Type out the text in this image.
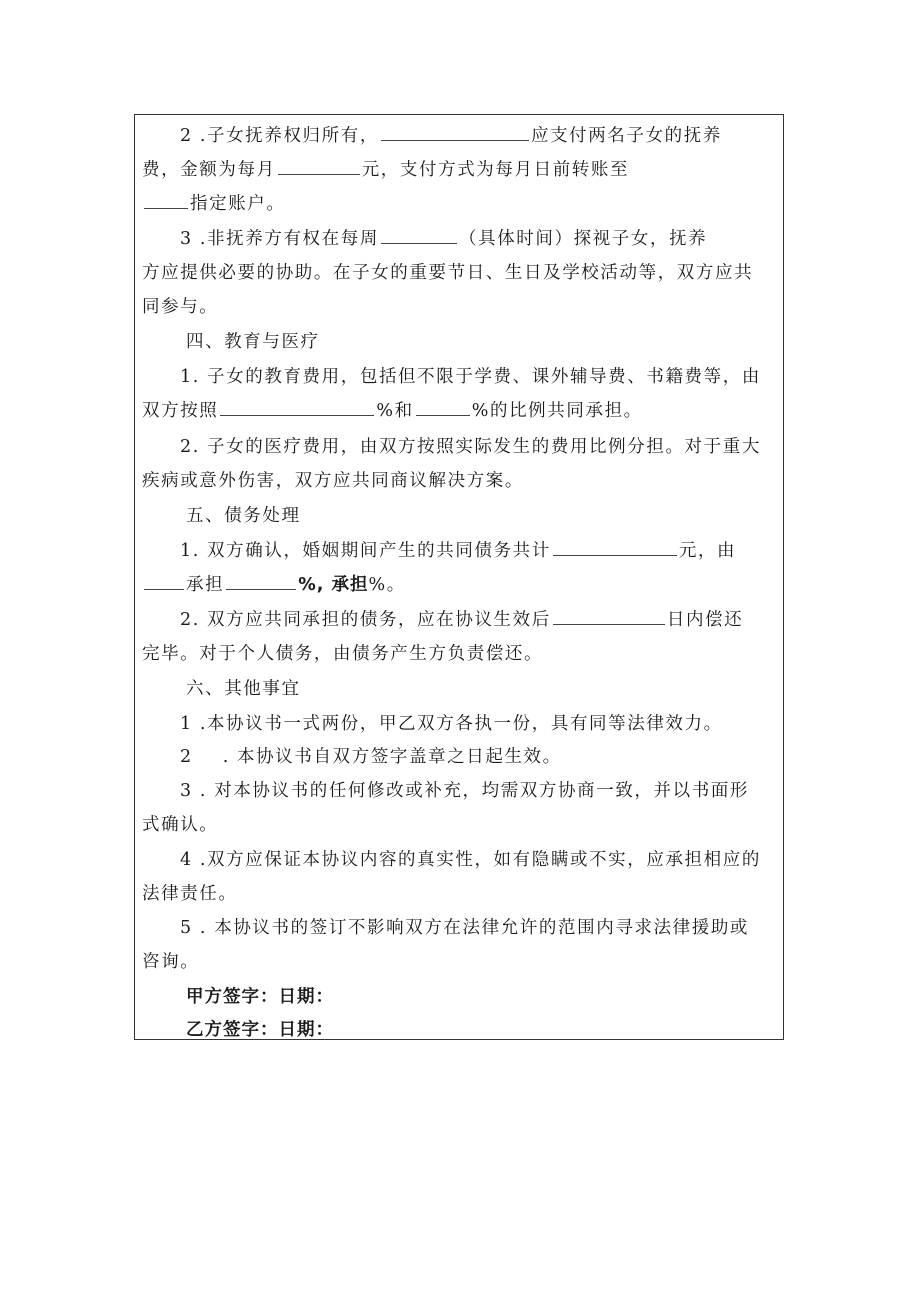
2 .子女抚养权归所有，	应支付两名子女的抚养
费，金额为每月	元，支付方式为每月日前转账至
指定账户。
3 .非抚养方有权在每周	（具体时间）探视子女，抚养
方应提供必要的协助。在子女的重要节日、生日及学校活动等，双方应共
同参与。
四、教育与医疗
1. 子女的教育费用，包括但不限于学费、课外辅导费、书籍费等，由
双方按照	%和	%的比例共同承担。
2. 子女的医疗费用，由双方按照实际发生的费用比例分担。对于重大
疾病或意外伤害，双方应共同商议解决方案。
五、债务处理
1. 双方确认，婚姻期间产生的共同债务共计	元，由
承担	%, 承担%。
2. 双方应共同承担的债务，应在协议生效后	日内偿还
完毕。对于个人债务，由债务产生方负责偿还。
六、其他事宜
1 .本协议书一式两份，甲乙双方各执一份，具有同等法律效力。
2 . 本协议书自双方签字盖章之日起生效。
3 . 对本协议书的任何修改或补充，均需双方协商一致，并以书面形
式确认。
4 .双方应保证本协议内容的真实性，如有隐瞒或不实，应承担相应的
法律责任。
5 . 本协议书的签订不影响双方在法律允许的范围内寻求法律援助或
咨询。
甲方签字：日期：
乙方签字：日期：
